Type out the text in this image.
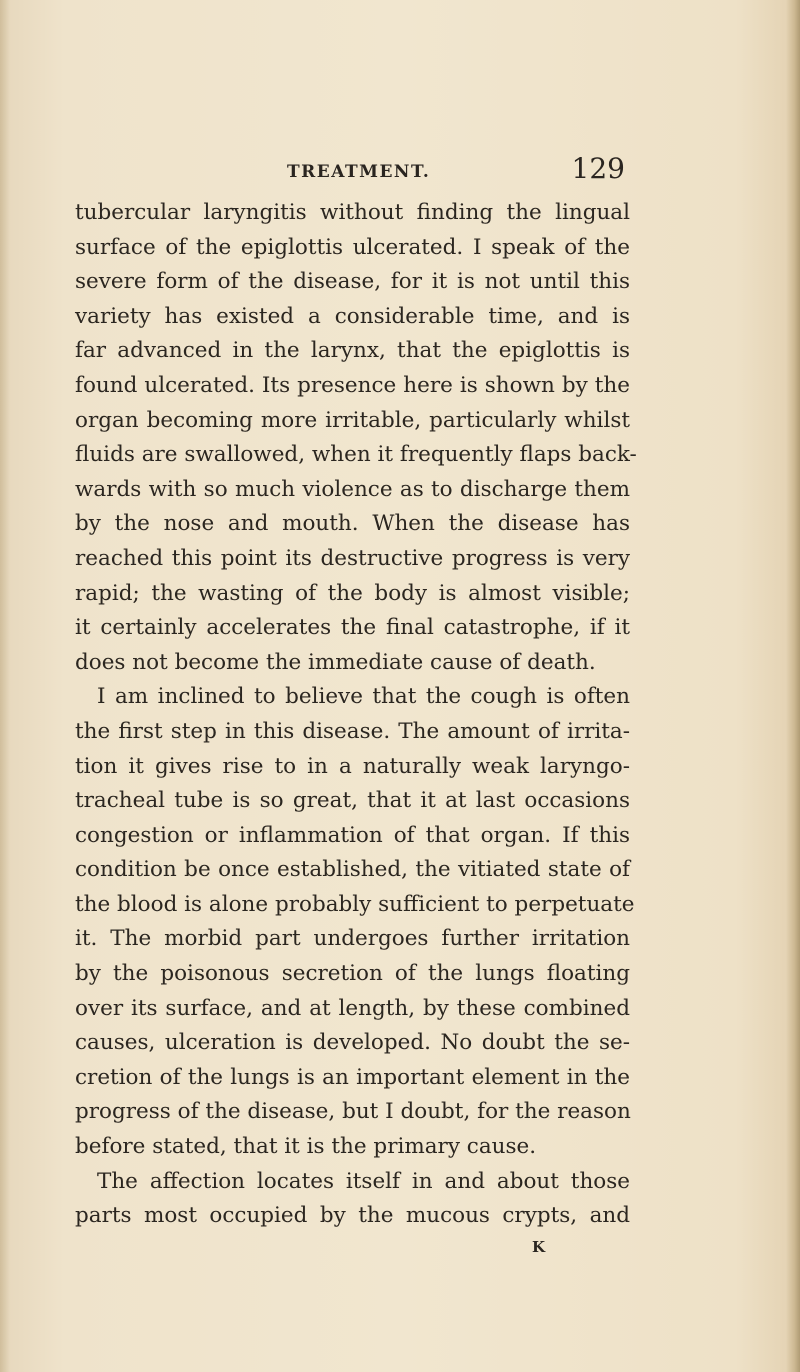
TREATMENT.	129
tubercular laryngitis without finding the lingual
surface of the epiglottis ulcerated. I speak of the
severe form of the disease, for it is not until this
variety has existed a considerable time, and is
far advanced in the larynx, that the epiglottis is
found ulcerated. Its presence here is shown by the
organ becoming more irritable, particularly whilst
fluids are swallowed, when it frequently flaps back-
wards with so much violence as to discharge them
by the nose and mouth. When the disease has
reached this point its destructive progress is very
rapid; the wasting of the body is almost visible;
it certainly accelerates the final catastrophe, if it
does not become the immediate cause of death.
I am inclined to believe that the cough is often
the first step in this disease. The amount of irrita-
tion it gives rise to in a naturally weak laryngo-
tracheal tube is so great, that it at last occasions
congestion or inflammation of that organ. If this
condition be once established, the vitiated state of
the blood is alone probably sufficient to perpetuate
it. The morbid part undergoes further irritation
by the poisonous secretion of the lungs floating
over its surface, and at length, by these combined
causes, ulceration is developed. No doubt the se-
cretion of the lungs is an important element in the
progress of the disease, but I doubt, for the reason
before stated, that it is the primary cause.
The affection locates itself in and about those
parts most occupied by the mucous crypts, and
K
